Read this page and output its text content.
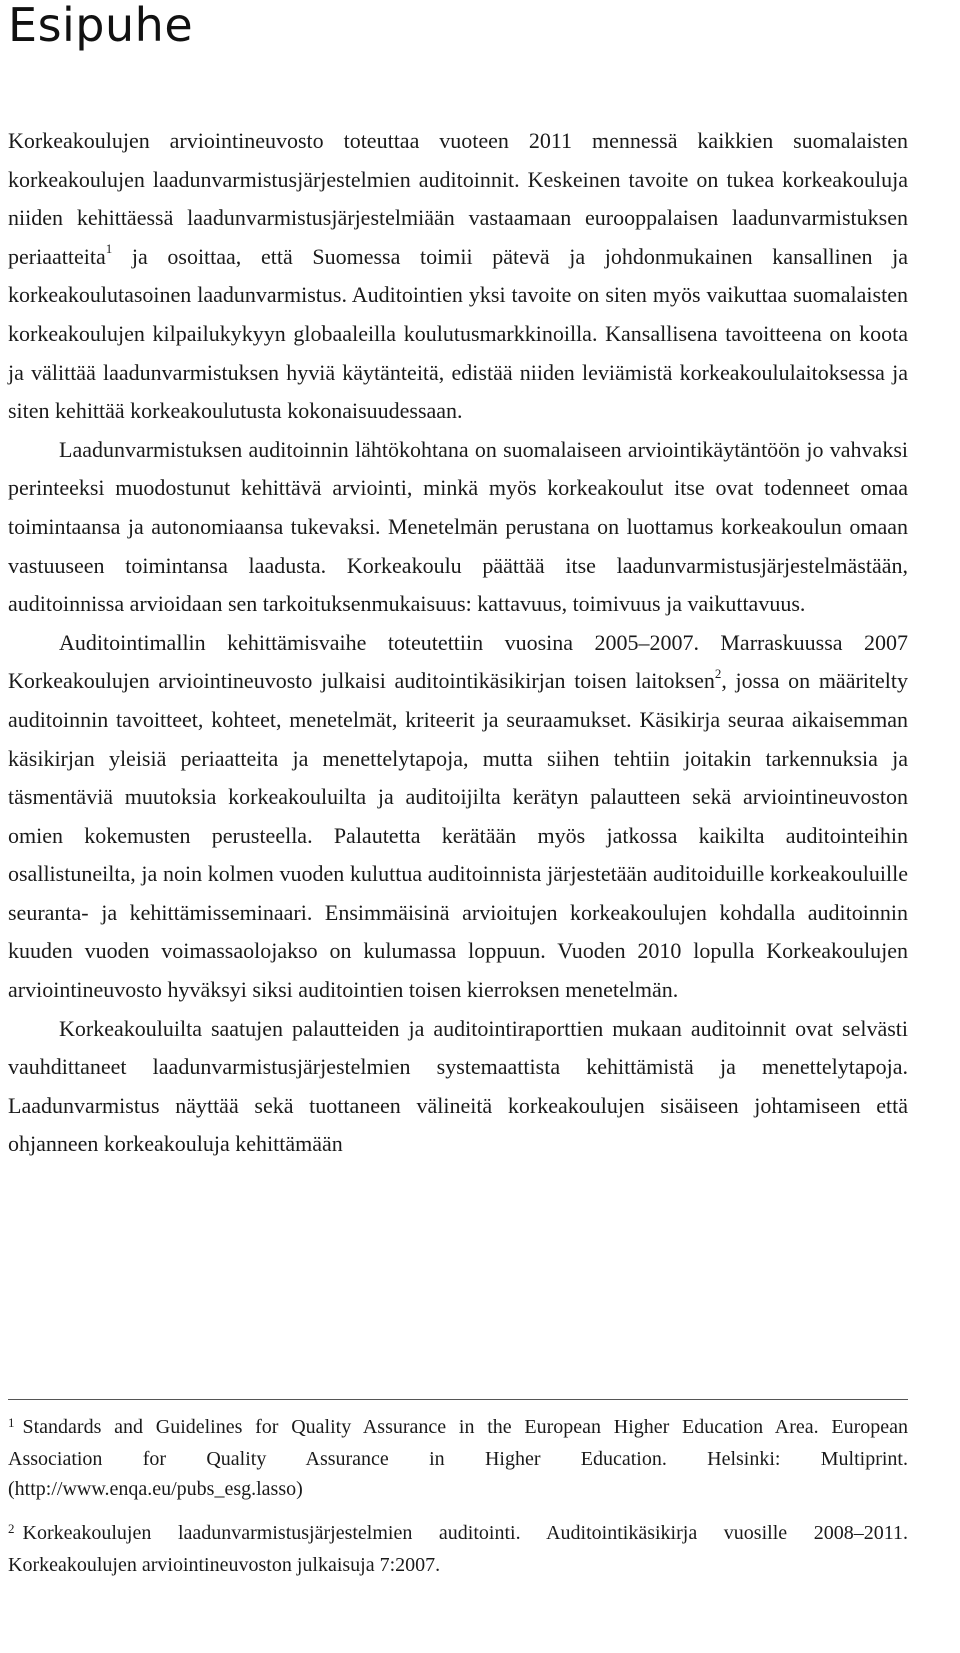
Esipuhe

Korkeakoulujen arviointineuvosto toteuttaa vuoteen 2011 mennessä kaikkien suomalaisten korkeakoulujen laadunvarmistusjärjestelmien auditoinnit. Keskeinen tavoite on tukea korkeakouluja niiden kehittäessä laadunvarmistusjärjestelmiään vastaamaan eurooppalaisen laadunvarmistuksen periaatteita$^1$ ja osoittaa, että Suomessa toimii pätevä ja johdonmukainen kansallinen ja korkeakoulutasoinen laadunvarmistus. Auditointien yksi tavoite on siten myös vaikuttaa suomalaisten korkeakoulujen kilpailukykyyn globaaleilla koulutusmarkkinoilla. Kansallisena tavoitteena on koota ja välittää laadunvarmistuksen hyviä käytänteitä, edistää niiden leviämistä korkeakoululaitoksessa ja siten kehittää korkeakoulutusta kokonaisuudessaan.

Laadunvarmistuksen auditoinnin lähtökohtana on suomalaiseen arviointikäytäntöön jo vahvaksi perinteeksi muodostunut kehittävä arviointi, minkä myös korkeakoulut itse ovat todenneet omaa toimintaansa ja autonomiaansa tukevaksi. Menetelmän perustana on luottamus korkeakoulun omaan vastuuseen toimintansa laadusta. Korkeakoulu päättää itse laadunvarmistusjärjestelmästään, auditoinnissa arvioidaan sen tarkoituksenmukaisuus: kattavuus, toimivuus ja vaikuttavuus.

Auditointimallin kehittämisvaihe toteutettiin vuosina 2005–2007. Marraskuussa 2007 Korkeakoulujen arviointineuvosto julkaisi auditointikäsikirjan toisen laitoksen$^2$, jossa on määritelty auditoinnin tavoitteet, kohteet, menetelmät, kriteerit ja seuraamukset. Käsikirja seuraa aikaisemman käsikirjan yleisiä periaatteita ja menettelytapoja, mutta siihen tehtiin joitakin tarkennuksia ja täsmentäviä muutoksia korkeakouluilta ja auditoijilta kerätyn palautteen sekä arviointineuvoston omien kokemusten perusteella. Palautetta kerätään myös jatkossa kaikilta auditointeihin osallistuneilta, ja noin kolmen vuoden kuluttua auditoinnista järjestetään auditoiduille korkeakouluille seuranta- ja kehittämisseminaari. Ensimmäisinä arvioitujen korkeakoulujen kohdalla auditoinnin kuuden vuoden voimassaolojakso on kulumassa loppuun. Vuoden 2010 lopulla Korkeakoulujen arviointineuvosto hyväksyi siksi auditointien toisen kierroksen menetelmän.

Korkeakouluilta saatujen palautteiden ja auditointiraporttien mukaan auditoinnit ovat selvästi vauhdittaneet laadunvarmistusjärjestelmien systemaattista kehittämistä ja menettelytapoja. Laadunvarmistus näyttää sekä tuottaneen välineitä korkeakoulujen sisäiseen johtamiseen että ohjanneen korkeakouluja kehittämään

$^1$ Standards and Guidelines for Quality Assurance in the European Higher Education Area. European Association for Quality Assurance in Higher Education. Helsinki: Multiprint. (http://www.enqa.eu/pubs_esg.lasso)

$^2$ Korkeakoulujen laadunvarmistusjärjestelmien auditointi. Auditointikäsikirja vuosille 2008–2011. Korkeakoulujen arviointineuvoston julkaisuja 7:2007.
